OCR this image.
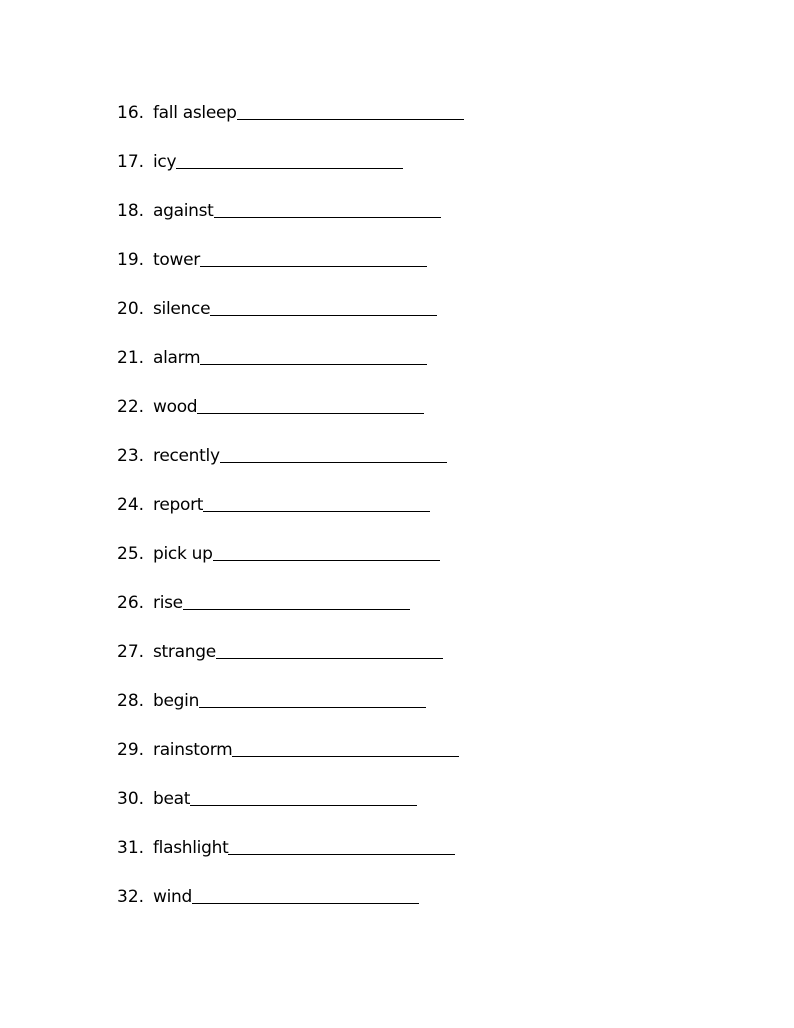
16. fall asleep
17. icy
18. against
19. tower
20. silence
21. alarm
22. wood
23. recently
24. report
25. pick up
26. rise
27. strange
28. begin
29. rainstorm
30. beat
31. flashlight
32. wind
